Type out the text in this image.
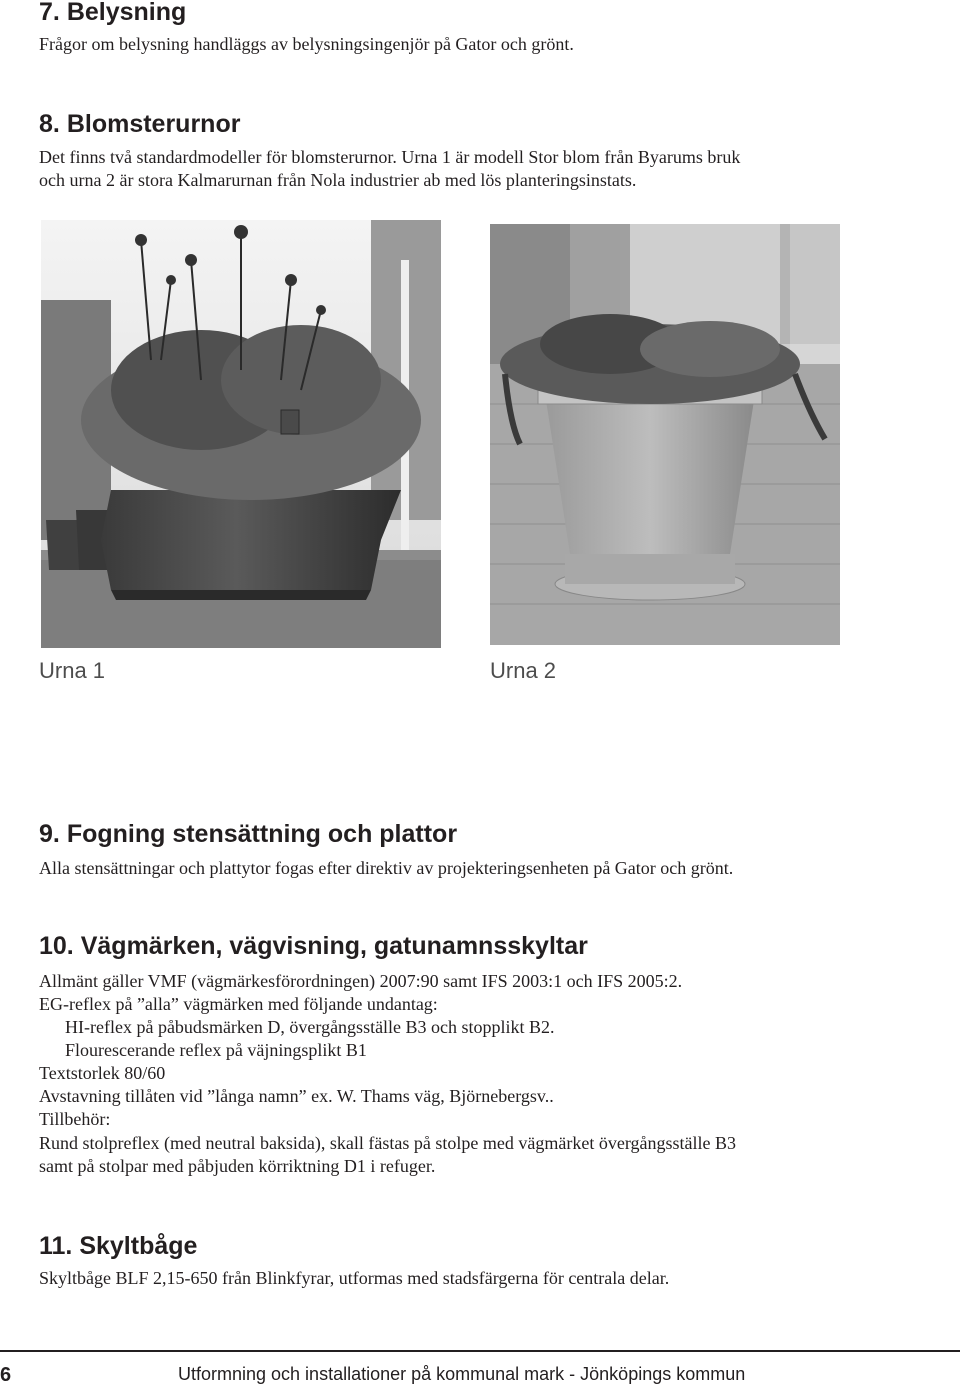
7. Belysning

Frågor om belysning handläggs av belysningsingenjör på Gator och grönt.

8. Blomsterurnor

Det finns två standardmodeller för blomsterurnor. Urna 1 är modell Stor blom från Byarums bruk

och urna 2 är stora Kalmarurnan från Nola industrier ab med lös planteringsinstats.

Urna 1	Urna 2

9. Fogning stensättning och plattor

Alla stensättningar och plattytor fogas efter direktiv av projekteringsenheten på Gator och grönt.

10. Vägmärken, vägvisning, gatunamnsskyltar

Allmänt gäller VMF (vägmärkesförordningen) 2007:90 samt IFS 2003:1 och IFS 2005:2.

EG-reflex på ”alla” vägmärken med följande undantag:

HI-reflex på påbudsmärken D, övergångsställe B3 och stopplikt B2.

Flourescerande reflex på väjningsplikt B1

Textstorlek 80/60

Avstavning tillåten vid ”långa namn” ex. W. Thams väg, Björnebergsv..

Tillbehör:

Rund stolpreflex (med neutral baksida), skall fästas på stolpe med vägmärket övergångsställe B3

samt på stolpar med påbjuden körriktning D1 i refuger.

11. Skyltbåge

Skyltbåge BLF 2,15-650 från Blinkfyrar, utformas med stadsfärgerna för centrala delar.

6	Utformning och installationer på kommunal mark - Jönköpings kommun
